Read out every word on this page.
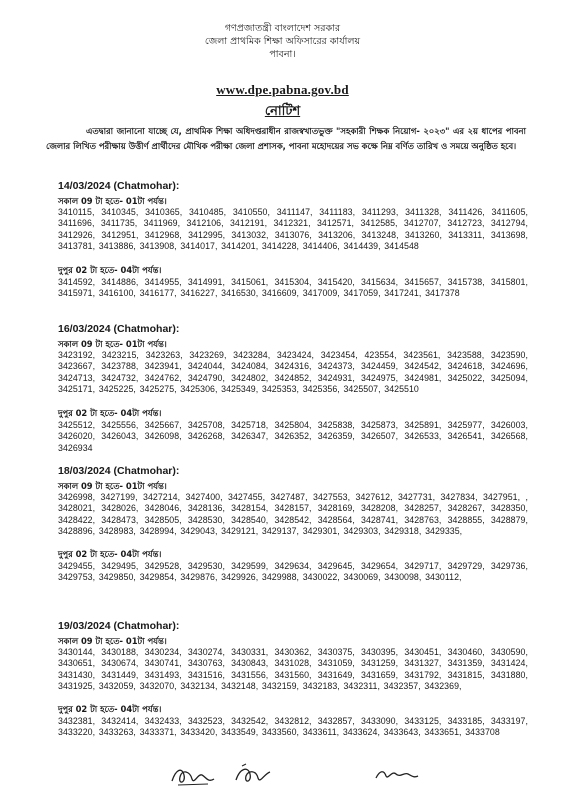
গণপ্রজাতন্ত্রী বাংলাদেশ সরকার
জেলা প্রাথমিক শিক্ষা অফিসারের কার্যালয়
পাবনা।
www.dpe.pabna.gov.bd
নোটিশ
এতদ্বারা জানানো যাচ্ছে যে, প্রাথমিক শিক্ষা অধিদপ্তরাধীন রাজস্বখাতভুক্ত "সহকারী শিক্ষক নিয়োগ- ২০২৩" এর ২য় ধাপের পাবনা জেলার লিখিত পরীক্ষায় উত্তীর্ণ প্রার্থীদের মৌখিক পরীক্ষা জেলা প্রশাসক, পাবনা মহোদয়ের সভ কক্ষে নিম্ন বর্ণিত তারিখ ও সময়ে অনুষ্ঠিত হবে।
14/03/2024 (Chatmohar):
সকাল 09 টা হতে- 01টা পর্যন্ত।
3410115, 3410345, 3410365, 3410485, 3410550, 3411147, 3411183, 3411293, 3411328, 3411426, 3411605, 3411696, 3411735, 3411969, 3412106, 3412191, 3412321, 3412571, 3412585, 3412707, 3412723, 3412794, 3412926, 3412951, 3412968, 3412995, 3413032, 3413076, 3413206, 3413248, 3413260, 3413311, 3413698, 3413781, 3413886, 3413908, 3414017, 3414201, 3414228, 3414406, 3414439, 3414548
দুপুর 02 টা হতে- 04টা পর্যন্ত।
3414592, 3414886, 3414955, 3414991, 3415061, 3415304, 3415420, 3415634, 3415657, 3415738, 3415801, 3415971, 3416100, 3416177, 3416227, 3416530, 3416609, 3417009, 3417059, 3417241, 3417378
16/03/2024 (Chatmohar):
সকাল 09 টা হতে- 01টা পর্যন্ত।
3423192, 3423215, 3423263, 3423269, 3423284, 3423424, 3423454, 423554, 3423561, 3423588, 3423590, 3423667, 3423788, 3423941, 3424044, 3424084, 3424316, 3424373, 3424459, 3424542, 3424618, 3424696, 3424713, 3424732, 3424762, 3424790, 3424802, 3424852, 3424931, 3424975, 3424981, 3425022, 3425094, 3425171, 3425225, 3425275, 3425306, 3425349, 3425353, 3425356, 3425507, 3425510
দুপুর 02 টা হতে- 04টা পর্যন্ত।
3425512, 3425556, 3425667, 3425708, 3425718, 3425804, 3425838, 3425873, 3425891, 3425977, 3426003, 3426020, 3426043, 3426098, 3426268, 3426347, 3426352, 3426359, 3426507, 3426533, 3426541, 3426568, 3426934
18/03/2024 (Chatmohar):
সকাল 09 টা হতে- 01টা পর্যন্ত।
3426998, 3427199, 3427214, 3427400, 3427455, 3427487, 3427553, 3427612, 3427731, 3427834, 3427951, , 3428021, 3428026, 3428046, 3428136, 3428154, 3428157, 3428169, 3428208, 3428257, 3428267, 3428350, 3428422, 3428473, 3428505, 3428530, 3428540, 3428542, 3428564, 3428741, 3428763, 3428855, 3428879, 3428896, 3428983, 3428994, 3429043, 3429121, 3429137, 3429301, 3429303, 3429318, 3429335,
দুপুর 02 টা হতে- 04টা পর্যন্ত।
3429455, 3429495, 3429528, 3429530, 3429599, 3429634, 3429645, 3429654, 3429717, 3429729, 3429736, 3429753, 3429850, 3429854, 3429876, 3429926, 3429988, 3430022, 3430069, 3430098, 3430112,
19/03/2024 (Chatmohar):
সকাল 09 টা হতে- 01টা পর্যন্ত।
3430144, 3430188, 3430234, 3430274, 3430331, 3430362, 3430375, 3430395, 3430451, 3430460, 3430590, 3430651, 3430674, 3430741, 3430763, 3430843, 3431028, 3431059, 3431259, 3431327, 3431359, 3431424, 3431430, 3431449, 3431493, 3431516, 3431556, 3431560, 3431649, 3431659, 3431792, 3431815, 3431880, 3431925, 3432059, 3432070, 3432134, 3432148, 3432159, 3432183, 3432311, 3432357, 3432369,
দুপুর 02 টা হতে- 04টা পর্যন্ত।
3432381, 3432414, 3432433, 3432523, 3432542, 3432812, 3432857, 3433090, 3433125, 3433185, 3433197, 3433220, 3433263, 3433371, 3433420, 3433549, 3433560, 3433611, 3433624, 3433643, 3433651, 3433708
